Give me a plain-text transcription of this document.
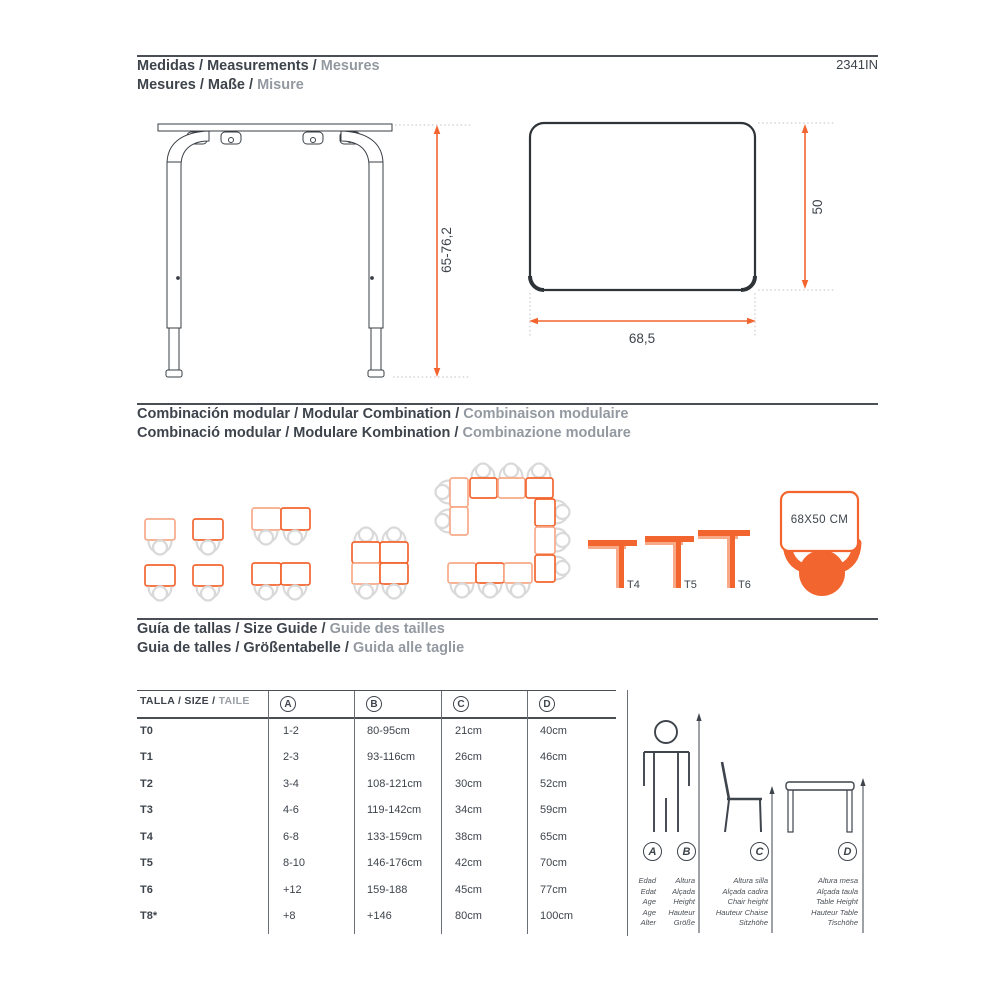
Medidas / Measurements / Mesures
Mesures / Maße / Misure
2341IN
65-76,2
50
68,5
Combinación modular / Modular Combination / Combinaison modulaire
Combinació modular / Modulare Kombination / Combinazione modulare
T4	T5	T6
68X50 CM
Guía de tallas / Size Guide / Guide des tailles
Guia de talles / Größentabelle / Guida alle taglie
TALLA / SIZE / TAILE	A	B	C	D
T0	1-2	80-95cm	21cm	40cm
T1	2-3	93-116cm	26cm	46cm
T2	3-4	108-121cm	30cm	52cm
T3	4-6	119-142cm	34cm	59cm
T4	6-8	133-159cm	38cm	65cm
T5	8-10	146-176cm	42cm	70cm
T6	+12	159-188	45cm	77cm
T8*	+8	+146	80cm	100cm
A	B	C	D
Edad
Edat
Age
Age
Alter
Altura
Alçada
Height
Hauteur
Größe
Altura silla
Alçada cadira
Chair height
Hauteur Chaise
Sitzhöhe
Altura mesa
Alçada taula
Table Height
Hauteur Table
Tischöhe
